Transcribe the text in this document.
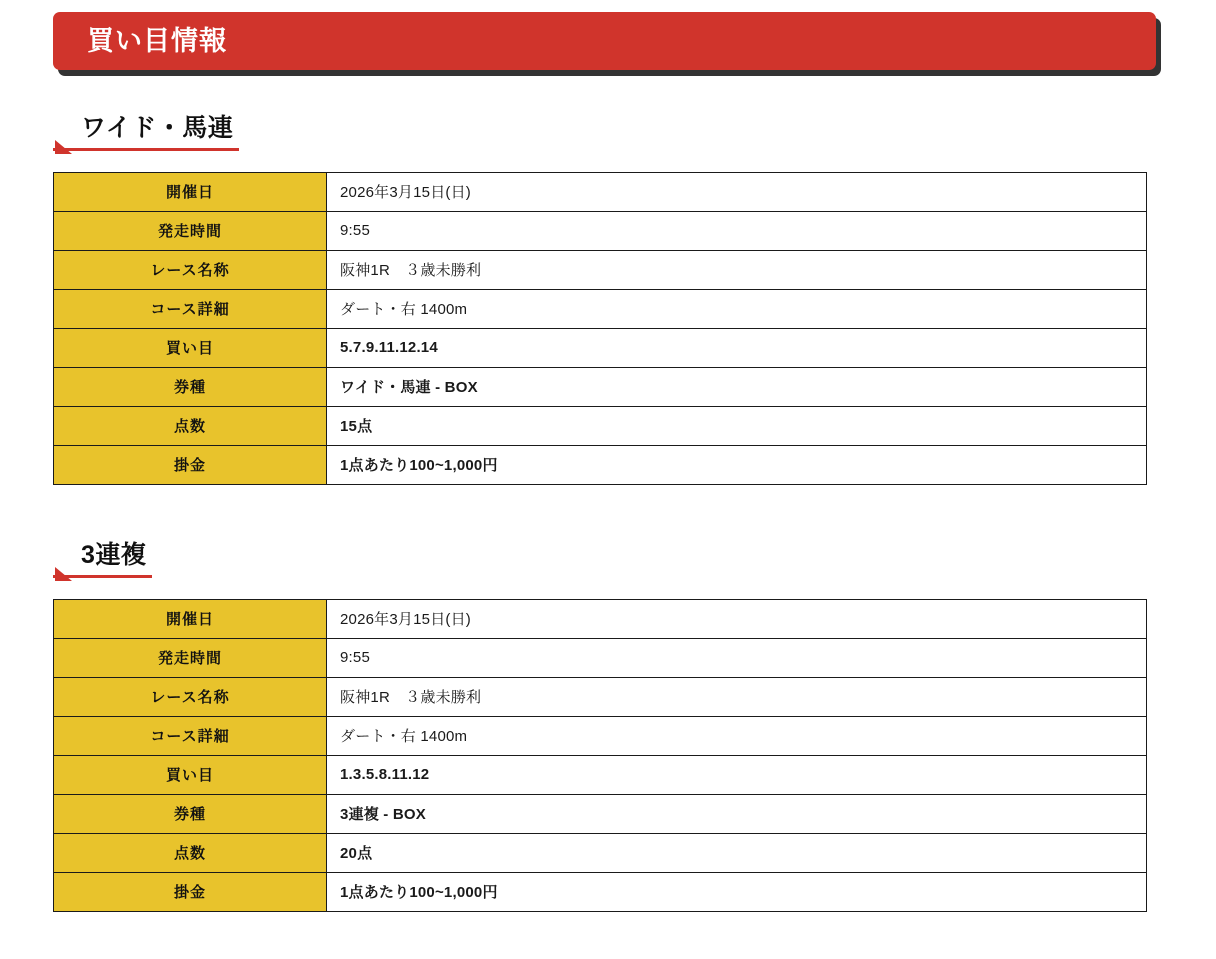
買い目情報
ワイド・馬連
開催日	2026年3月15日(日)
発走時間	9:55
レース名称	阪神1R　３歳未勝利
コース詳細	ダート・右 1400m
買い目	5.7.9.11.12.14
券種	ワイド・馬連 - BOX
点数	15点
掛金	1点あたり100~1,000円
3連複
開催日	2026年3月15日(日)
発走時間	9:55
レース名称	阪神1R　３歳未勝利
コース詳細	ダート・右 1400m
買い目	1.3.5.8.11.12
券種	3連複 - BOX
点数	20点
掛金	1点あたり100~1,000円
